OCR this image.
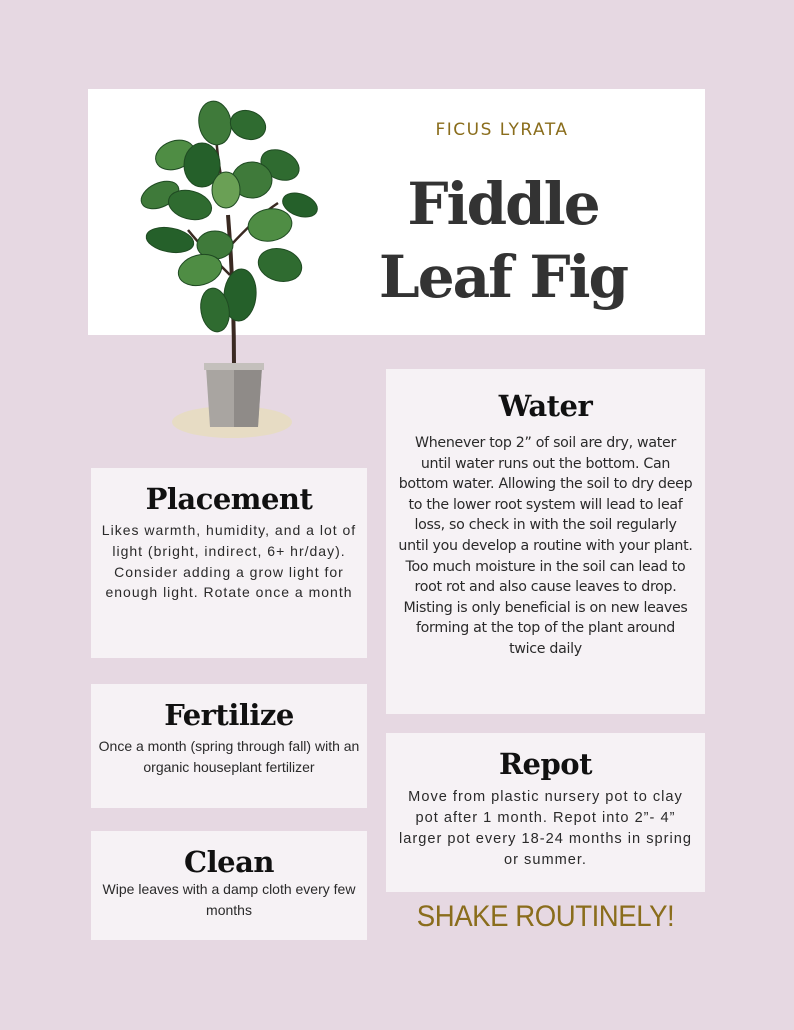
FICUS LYRATA
Fiddle
Leaf Fig
Water

Whenever top 2” of soil are dry, water until water runs out the bottom. Can bottom water. Allowing the soil to dry deep to the lower root system will lead to leaf loss, so check in with the soil regularly until you develop a routine with your plant. Too much moisture in the soil can lead to root rot and also cause leaves to drop. Misting is only beneficial is on new leaves forming at the top of the plant around twice daily

Placement

Likes warmth, humidity, and a lot of light (bright, indirect, 6+ hr/day). Consider adding a grow light for enough light. Rotate once a month

Fertilize

Once a month (spring through fall) with an organic houseplant fertilizer	Repot

Move from plastic nursery pot to clay pot after 1 month. Repot into 2”- 4” larger pot every 18-24 months in spring or summer.

Clean

Wipe leaves with a damp cloth every few months	SHAKE ROUTINELY!
